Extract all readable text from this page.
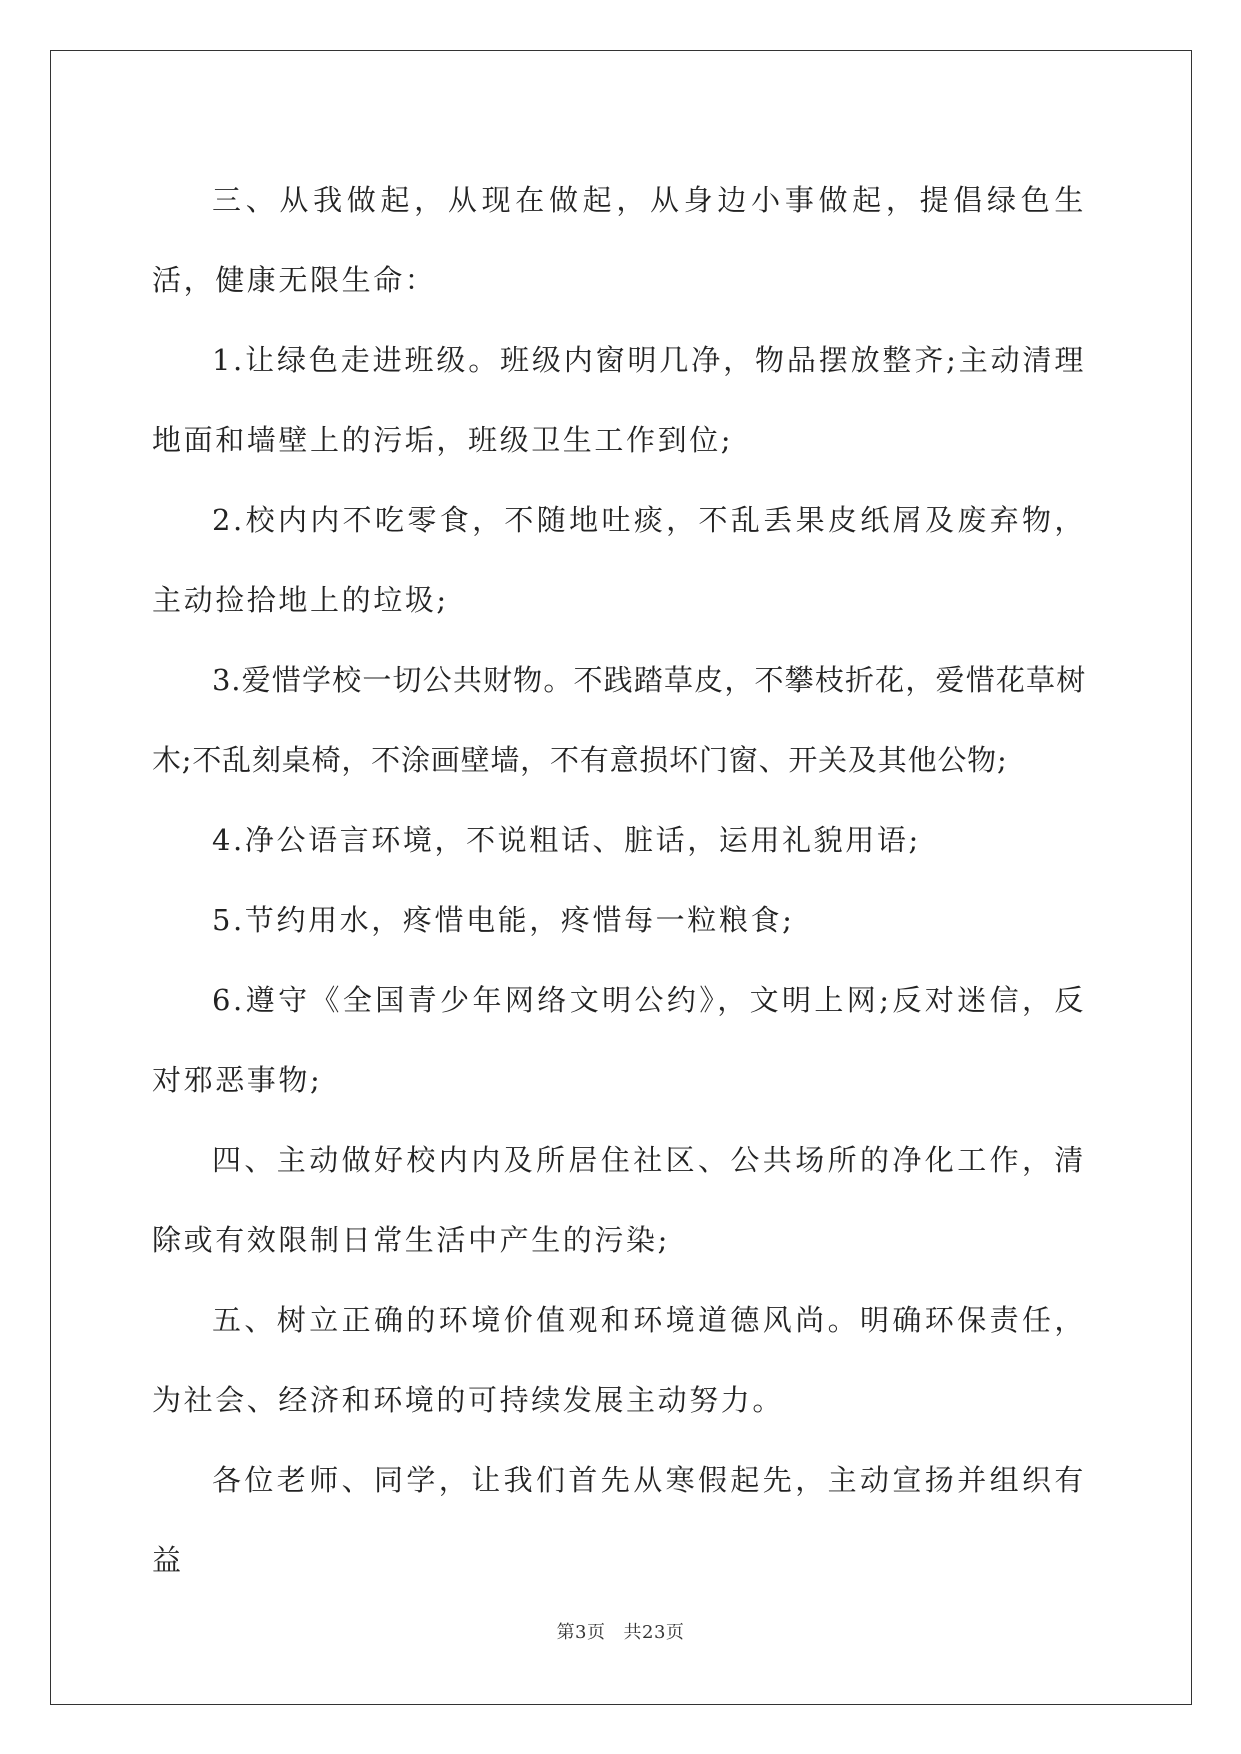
三、从我做起，从现在做起，从身边小事做起，提倡绿色生活，健康无限生命：

1.让绿色走进班级。班级内窗明几净，物品摆放整齐;主动清理地面和墙壁上的污垢，班级卫生工作到位;

2.校内内不吃零食，不随地吐痰，不乱丢果皮纸屑及废弃物，主动捡拾地上的垃圾;

3.爱惜学校一切公共财物。不践踏草皮，不攀枝折花，爱惜花草树木;不乱刻桌椅，不涂画壁墙，不有意损坏门窗、开关及其他公物;

4.净公语言环境，不说粗话、脏话，运用礼貌用语;

5.节约用水，疼惜电能，疼惜每一粒粮食;

6.遵守《全国青少年网络文明公约》，文明上网;反对迷信，反对邪恶事物;

四、主动做好校内内及所居住社区、公共场所的净化工作，清除或有效限制日常生活中产生的污染;

五、树立正确的环境价值观和环境道德风尚。明确环保责任，为社会、经济和环境的可持续发展主动努力。

各位老师、同学，让我们首先从寒假起先，主动宣扬并组织有益

第3页 共23页
